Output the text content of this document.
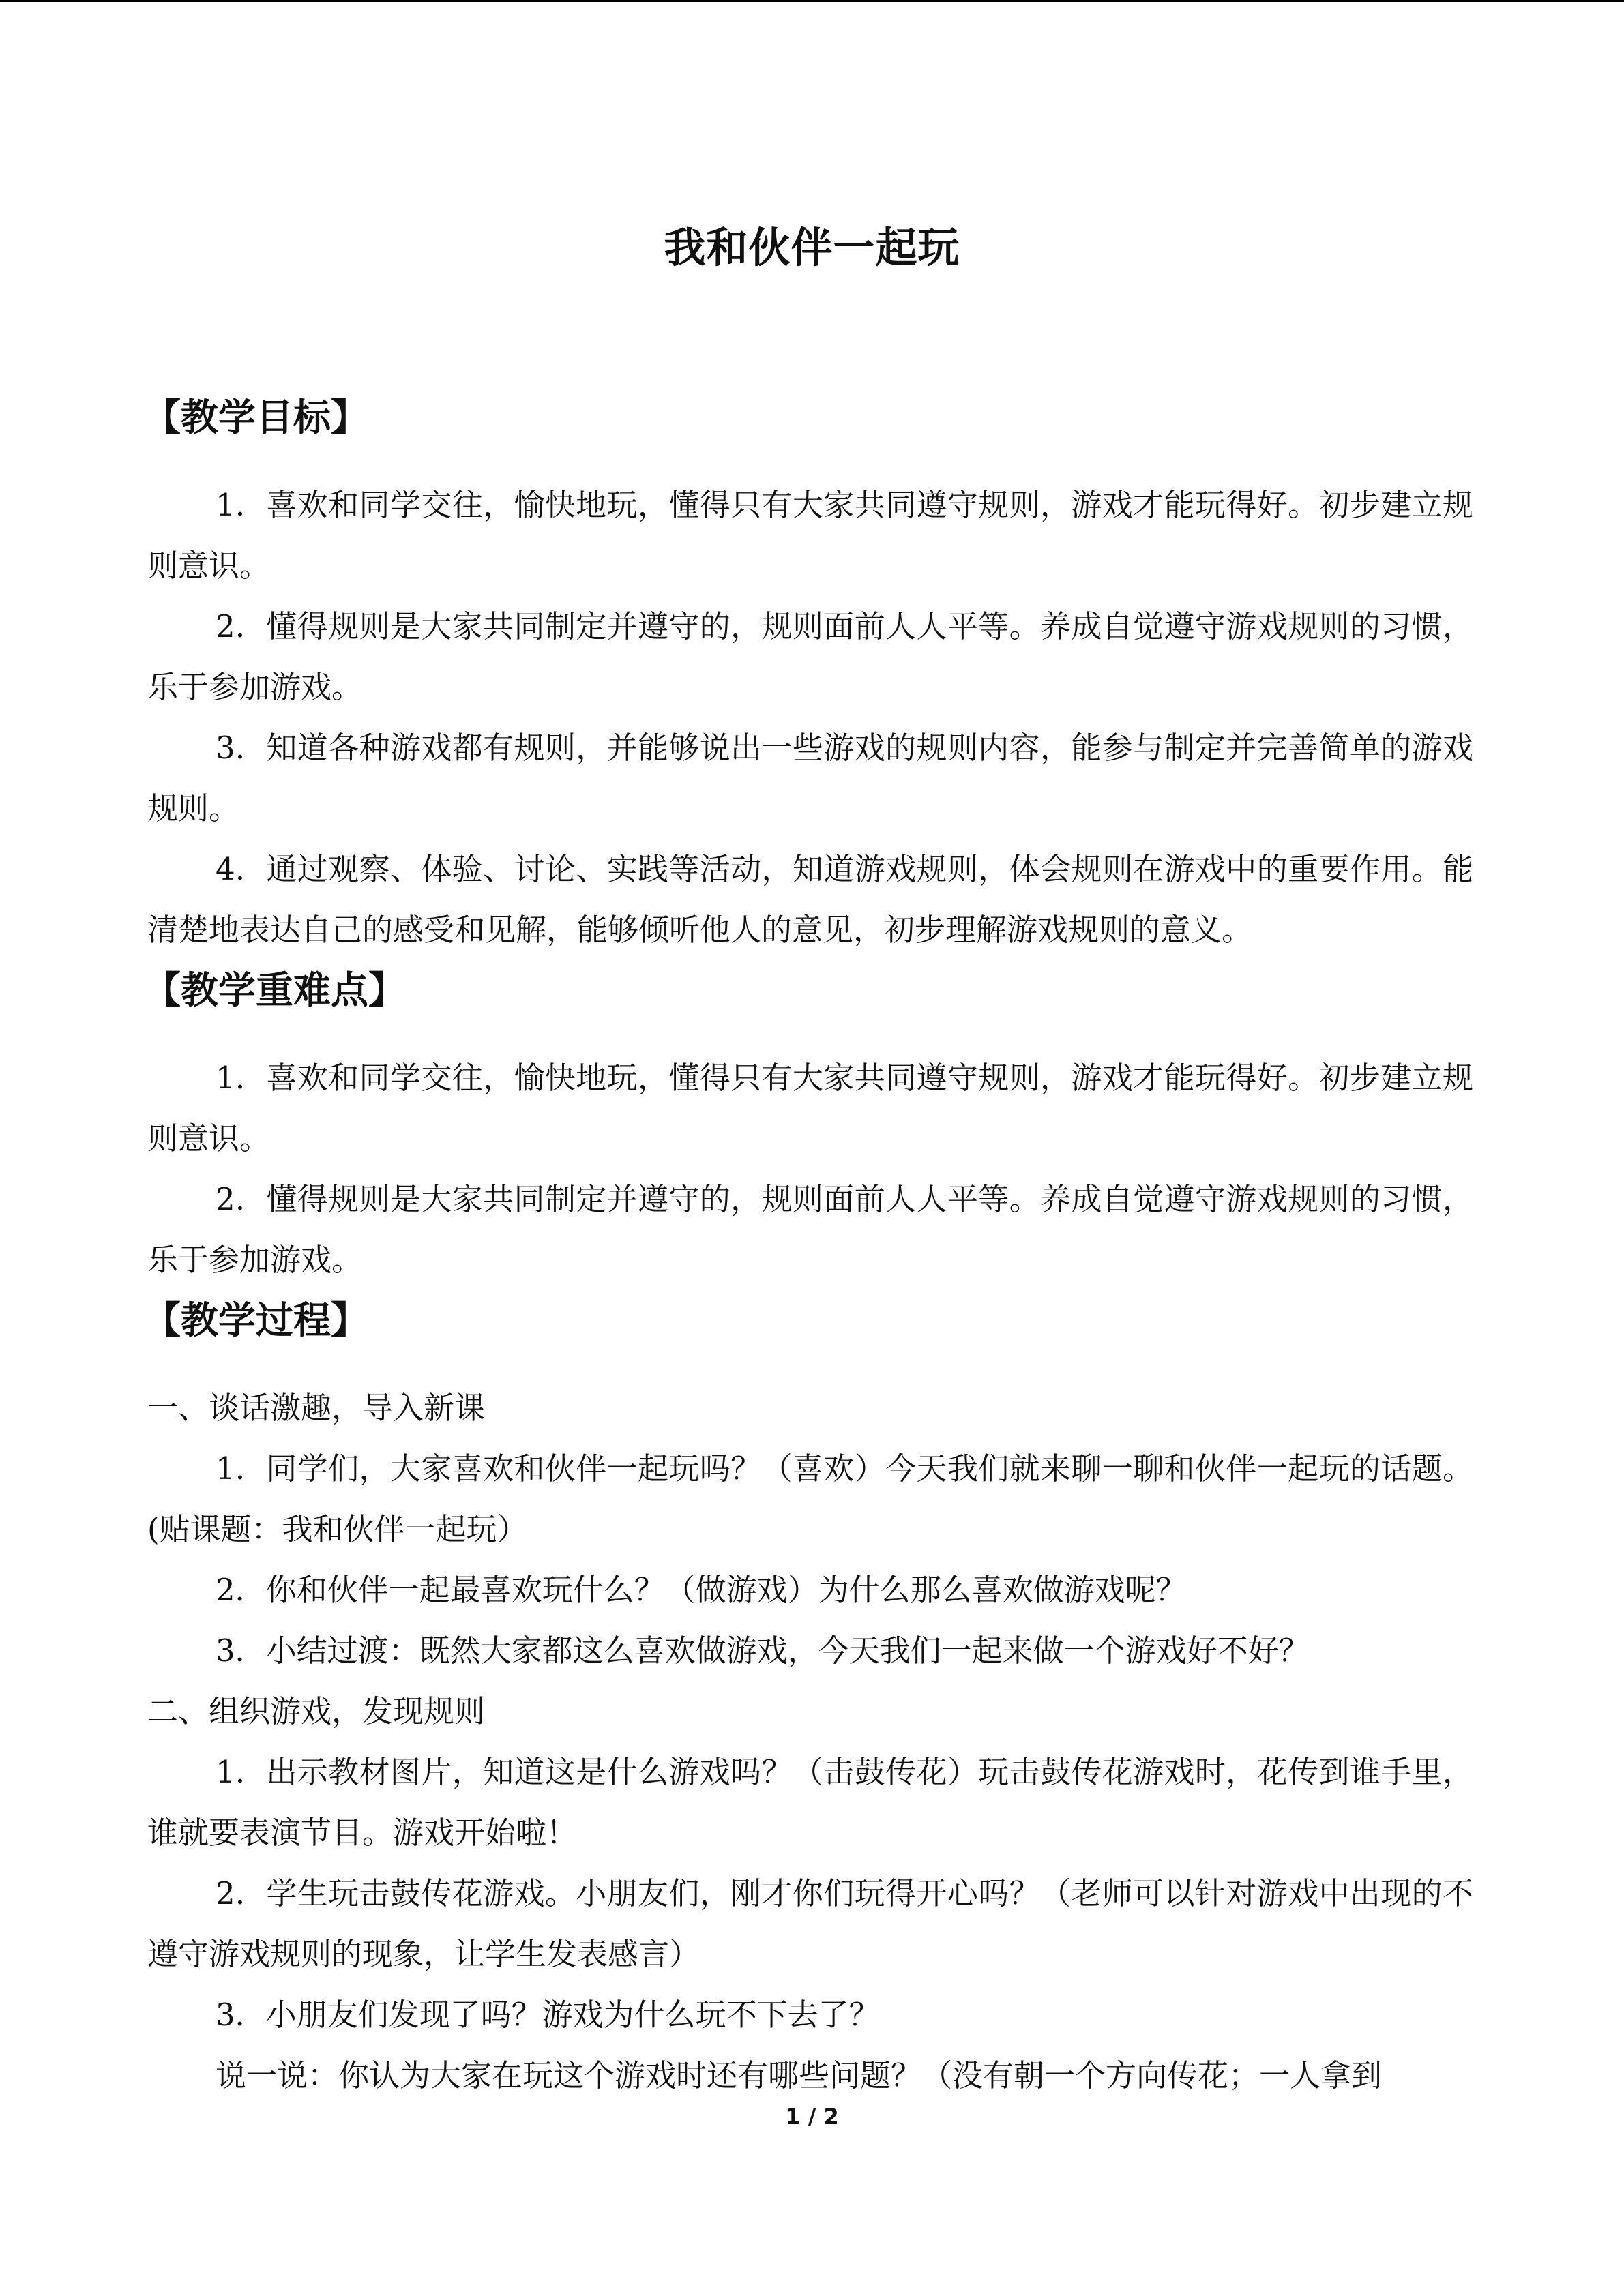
我和伙伴一起玩
【教学目标】

1．喜欢和同学交往，愉快地玩，懂得只有大家共同遵守规则，游戏才能玩得好。初步建立规则意识。

2．懂得规则是大家共同制定并遵守的，规则面前人人平等。养成自觉遵守游戏规则的习惯，乐于参加游戏。

3．知道各种游戏都有规则，并能够说出一些游戏的规则内容，能参与制定并完善简单的游戏规则。

4．通过观察、体验、讨论、实践等活动，知道游戏规则，体会规则在游戏中的重要作用。能清楚地表达自己的感受和见解，能够倾听他人的意见，初步理解游戏规则的意义。

【教学重难点】

1．喜欢和同学交往，愉快地玩，懂得只有大家共同遵守规则，游戏才能玩得好。初步建立规则意识。

2．懂得规则是大家共同制定并遵守的，规则面前人人平等。养成自觉遵守游戏规则的习惯，乐于参加游戏。

【教学过程】

一、谈话激趣，导入新课

1．同学们，大家喜欢和伙伴一起玩吗？（喜欢）今天我们就来聊一聊和伙伴一起玩的话题。(贴课题：我和伙伴一起玩）

2．你和伙伴一起最喜欢玩什么？（做游戏）为什么那么喜欢做游戏呢？

3．小结过渡：既然大家都这么喜欢做游戏，今天我们一起来做一个游戏好不好？

二、组织游戏，发现规则

1．出示教材图片，知道这是什么游戏吗？（击鼓传花）玩击鼓传花游戏时，花传到谁手里，谁就要表演节目。游戏开始啦！

2．学生玩击鼓传花游戏。小朋友们，刚才你们玩得开心吗？（老师可以针对游戏中出现的不遵守游戏规则的现象，让学生发表感言）

3．小朋友们发现了吗？游戏为什么玩不下去了？

说一说：你认为大家在玩这个游戏时还有哪些问题？（没有朝一个方向传花；一人拿到

1 / 2
